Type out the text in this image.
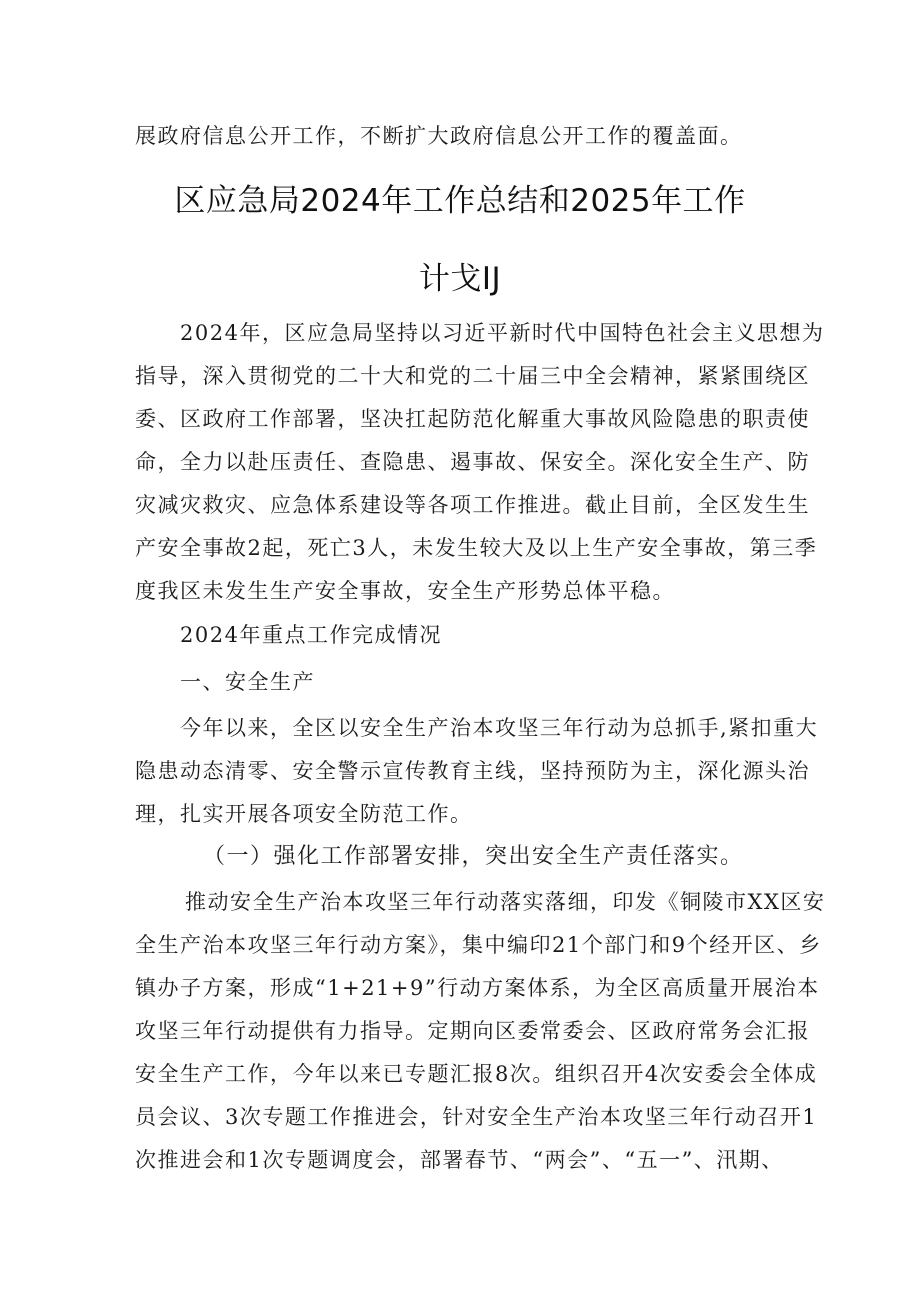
展政府信息公开工作，不断扩大政府信息公开工作的覆盖面。
区应急局2024年工作总结和2025年工作
计戈IJ
2024年，区应急局坚持以习近平新时代中国特色社会主义思想为
指导，深入贯彻党的二十大和党的二十届三中全会精神，紧紧围绕区
委、区政府工作部署，坚决扛起防范化解重大事故风险隐患的职责使
命，全力以赴压责任、查隐患、遏事故、保安全。深化安全生产、防
灾减灾救灾、应急体系建设等各项工作推进。截止目前，全区发生生
产安全事故2起，死亡3人，未发生较大及以上生产安全事故，第三季
度我区未发生生产安全事故，安全生产形势总体平稳。
2024年重点工作完成情况
一、安全生产
今年以来，全区以安全生产治本攻坚三年行动为总抓手,紧扣重大
隐患动态清零、安全警示宣传教育主线，坚持预防为主，深化源头治
理，扎实开展各项安全防范工作。
（一）强化工作部署安排，突出安全生产责任落实。
推动安全生产治本攻坚三年行动落实落细，印发《铜陵市XX区安
全生产治本攻坚三年行动方案》，集中编印21个部门和9个经开区、乡
镇办子方案，形成“1+21+9”行动方案体系，为全区高质量开展治本
攻坚三年行动提供有力指导。定期向区委常委会、区政府常务会汇报
安全生产工作，今年以来已专题汇报8次。组织召开4次安委会全体成
员会议、3次专题工作推进会，针对安全生产治本攻坚三年行动召开1
次推进会和1次专题调度会，部署春节、“两会”、“五一”、汛期、
